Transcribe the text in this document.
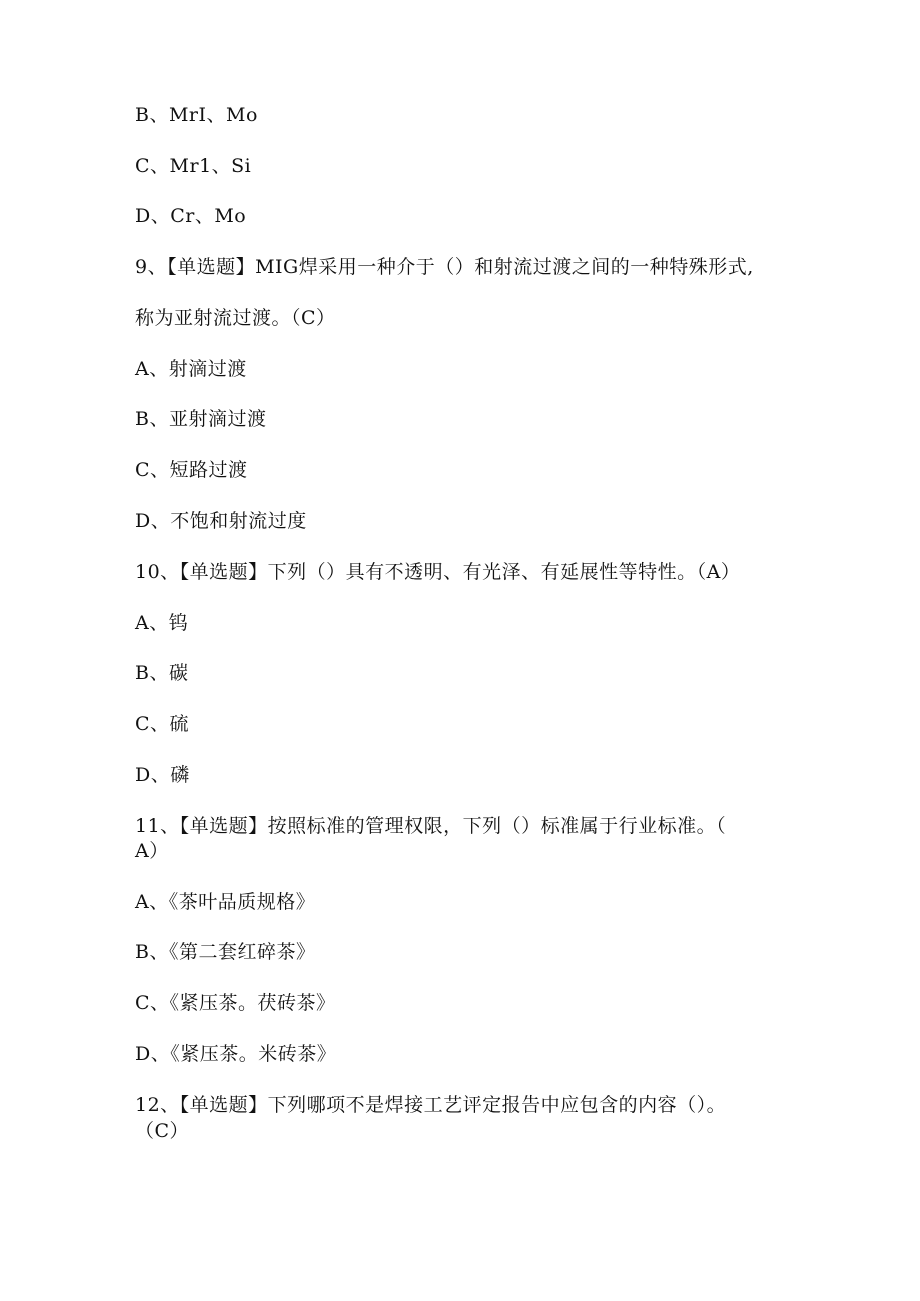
B、MrI、Mo
C、Mr1、Si
D、Cr、Mo
9、【单选题】MIG焊采用一种介于（）和射流过渡之间的一种特殊形式,
称为亚射流过渡。（C）
A、射滴过渡
B、亚射滴过渡
C、短路过渡
D、不饱和射流过度
10、【单选题】下列（）具有不透明、有光泽、有延展性等特性。（A）
A、钨
B、碳
C、硫
D、磷
11、【单选题】按照标准的管理权限，下列（）标准属于行业标准。（
A）
A、《茶叶品质规格》
B、《第二套红碎茶》
C、《紧压茶。茯砖茶》
D、《紧压茶。米砖茶》
12、【单选题】下列哪项不是焊接工艺评定报告中应包含的内容（）。
（C）
